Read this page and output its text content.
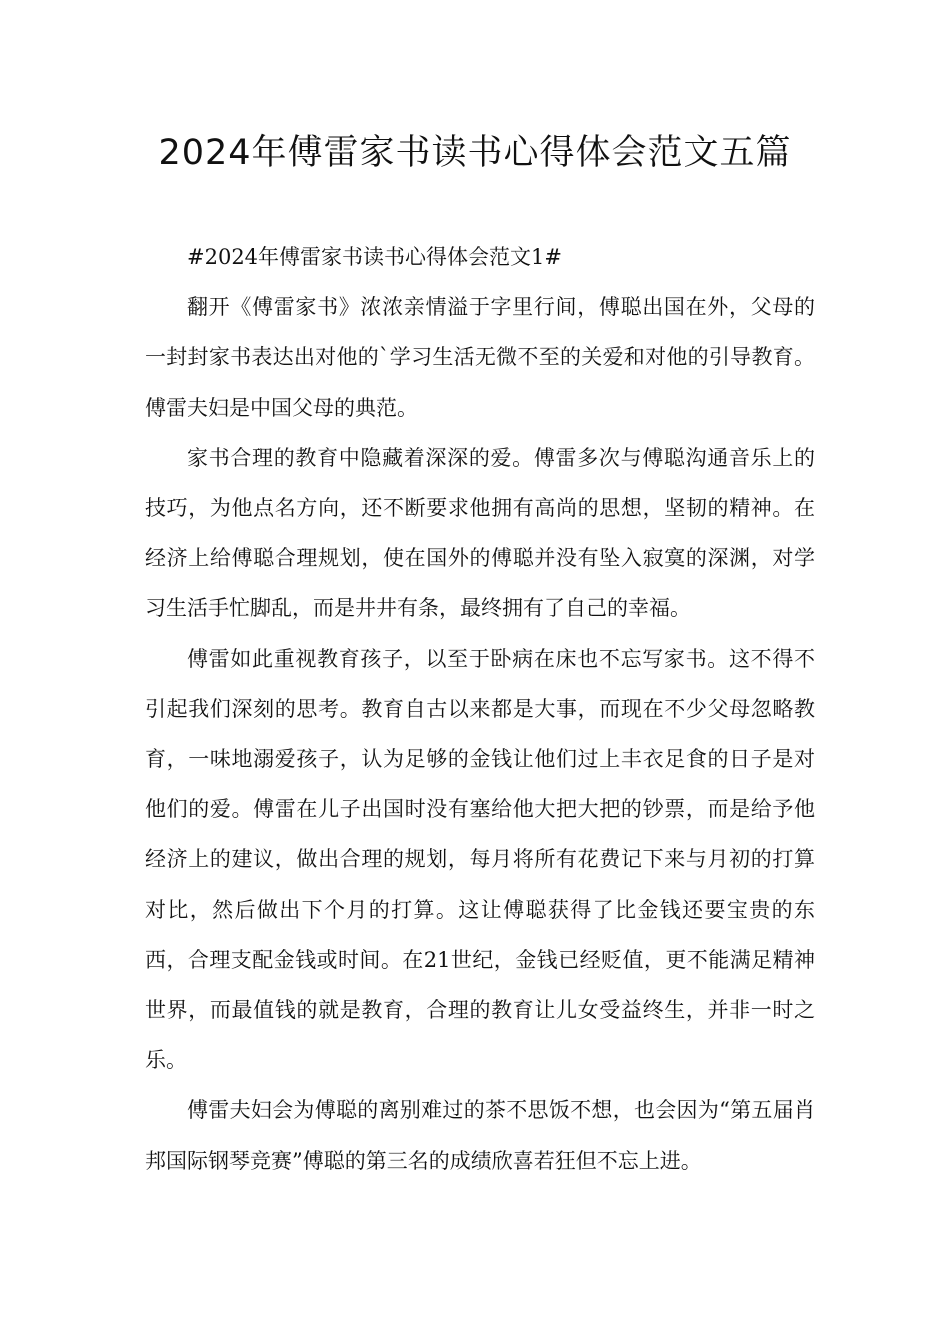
2024年傅雷家书读书心得体会范文五篇

#2024年傅雷家书读书心得体会范文1#

翻开《傅雷家书》浓浓亲情溢于字里行间，傅聪出国在外，父母的一封封家书表达出对他的`学习生活无微不至的关爱和对他的引导教育。傅雷夫妇是中国父母的典范。

家书合理的教育中隐藏着深深的爱。傅雷多次与傅聪沟通音乐上的技巧，为他点名方向，还不断要求他拥有高尚的思想，坚韧的精神。在经济上给傅聪合理规划，使在国外的傅聪并没有坠入寂寞的深渊，对学习生活手忙脚乱，而是井井有条，最终拥有了自己的幸福。

傅雷如此重视教育孩子，以至于卧病在床也不忘写家书。这不得不引起我们深刻的思考。教育自古以来都是大事，而现在不少父母忽略教育，一味地溺爱孩子，认为足够的金钱让他们过上丰衣足食的日子是对他们的爱。傅雷在儿子出国时没有塞给他大把大把的钞票，而是给予他经济上的建议，做出合理的规划，每月将所有花费记下来与月初的打算对比，然后做出下个月的打算。这让傅聪获得了比金钱还要宝贵的东西，合理支配金钱或时间。在21世纪，金钱已经贬值，更不能满足精神世界，而最值钱的就是教育，合理的教育让儿女受益终生，并非一时之乐。

傅雷夫妇会为傅聪的离别难过的茶不思饭不想，也会因为“第五届肖邦国际钢琴竞赛”傅聪的第三名的成绩欣喜若狂但不忘上进。
